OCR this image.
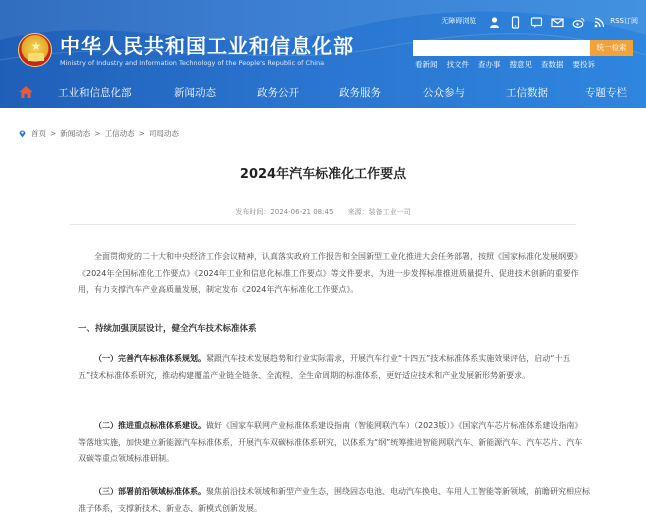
★ 中华人民共和国工业和信息化部
Ministry of Industry and Information Technology of the People's Republic of China
无障碍浏览	RSS订阅
统一检索
看新闻 找文件 查办事 搜意见 查数据 要投诉
工业和信息化部	新闻动态	政务公开	政务服务	公众参与	工信数据	专题专栏
首页 > 新闻动态 > 工信动态 > 司局动态
2024年汽车标准化工作要点
发布时间：2024-06-21 08:45 来源：装备工业一司
全面贯彻党的二十大和中央经济工作会议精神，认真落实政府工作报告和全国新型工业化推进大会任务部署，按照《国家标准化发展纲要》《2024年全国标准化工作要点》《2024年工业和信息化标准工作要点》等文件要求，为进一步发挥标准推进质量提升、促进技术创新的重要作用，有力支撑汽车产业高质量发展，制定发布《2024年汽车标准化工作要点》。
一、持续加强顶层设计，健全汽车技术标准体系
（一）完善汽车标准体系规划。紧跟汽车技术发展趋势和行业实际需求，开展汽车行业“十四五”技术标准体系实施效果评估，启动“十五五”技术标准体系研究，推动构建覆盖产业链全链条、全流程、全生命周期的标准体系，更好适应技术和产业发展新形势新要求。
（二）推进重点标准体系建设。做好《国家车联网产业标准体系建设指南（智能网联汽车）（2023版）》《国家汽车芯片标准体系建设指南》等落地实施，加快建立新能源汽车标准体系，开展汽车双碳标准体系研究，以体系为“纲”统筹推进智能网联汽车、新能源汽车、汽车芯片、汽车双碳等重点领域标准研制。
（三）部署前沿领域标准体系。聚焦前沿技术领域和新型产业生态，围绕固态电池、电动汽车换电、车用人工智能等新领域，前瞻研究相应标准子体系，支撑新技术、新业态、新模式创新发展。
